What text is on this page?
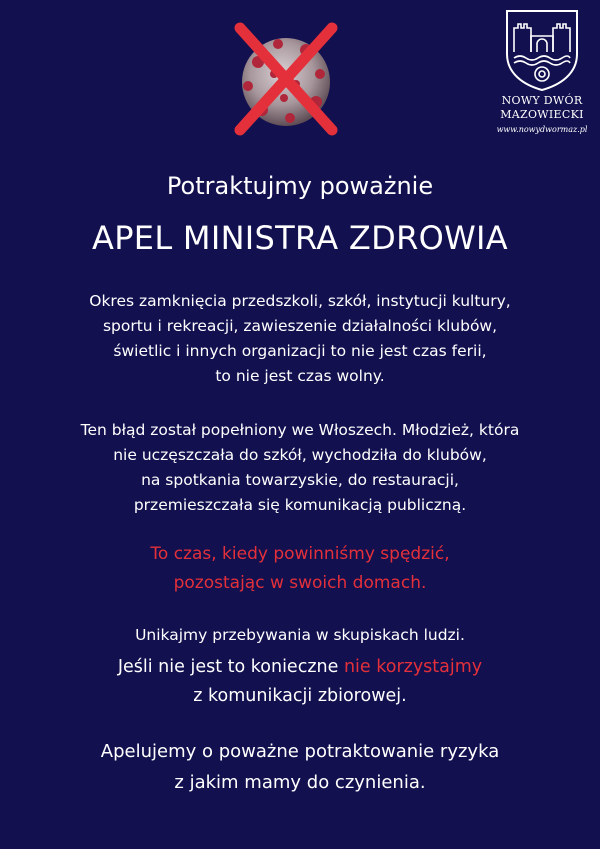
NOWY DWÓR
MAZOWIECKI
www.nowydwormaz.pl
Potraktujmy poważnie
APEL MINISTRA ZDROWIA
Okres zamknięcia przedszkoli, szkół, instytucji kultury,
sportu i rekreacji, zawieszenie działalności klubów,
świetlic i innych organizacji to nie jest czas ferii,
to nie jest czas wolny.
Ten błąd został popełniony we Włoszech. Młodzież, która
nie uczęszczała do szkół, wychodziła do klubów,
na spotkania towarzyskie, do restauracji,
przemieszczała się komunikacją publiczną.
To czas, kiedy powinniśmy spędzić,
pozostając w swoich domach.
Unikajmy przebywania w skupiskach ludzi.
Jeśli nie jest to konieczne nie korzystajmy
z komunikacji zbiorowej.
Apelujemy o poważne potraktowanie ryzyka
z jakim mamy do czynienia.
